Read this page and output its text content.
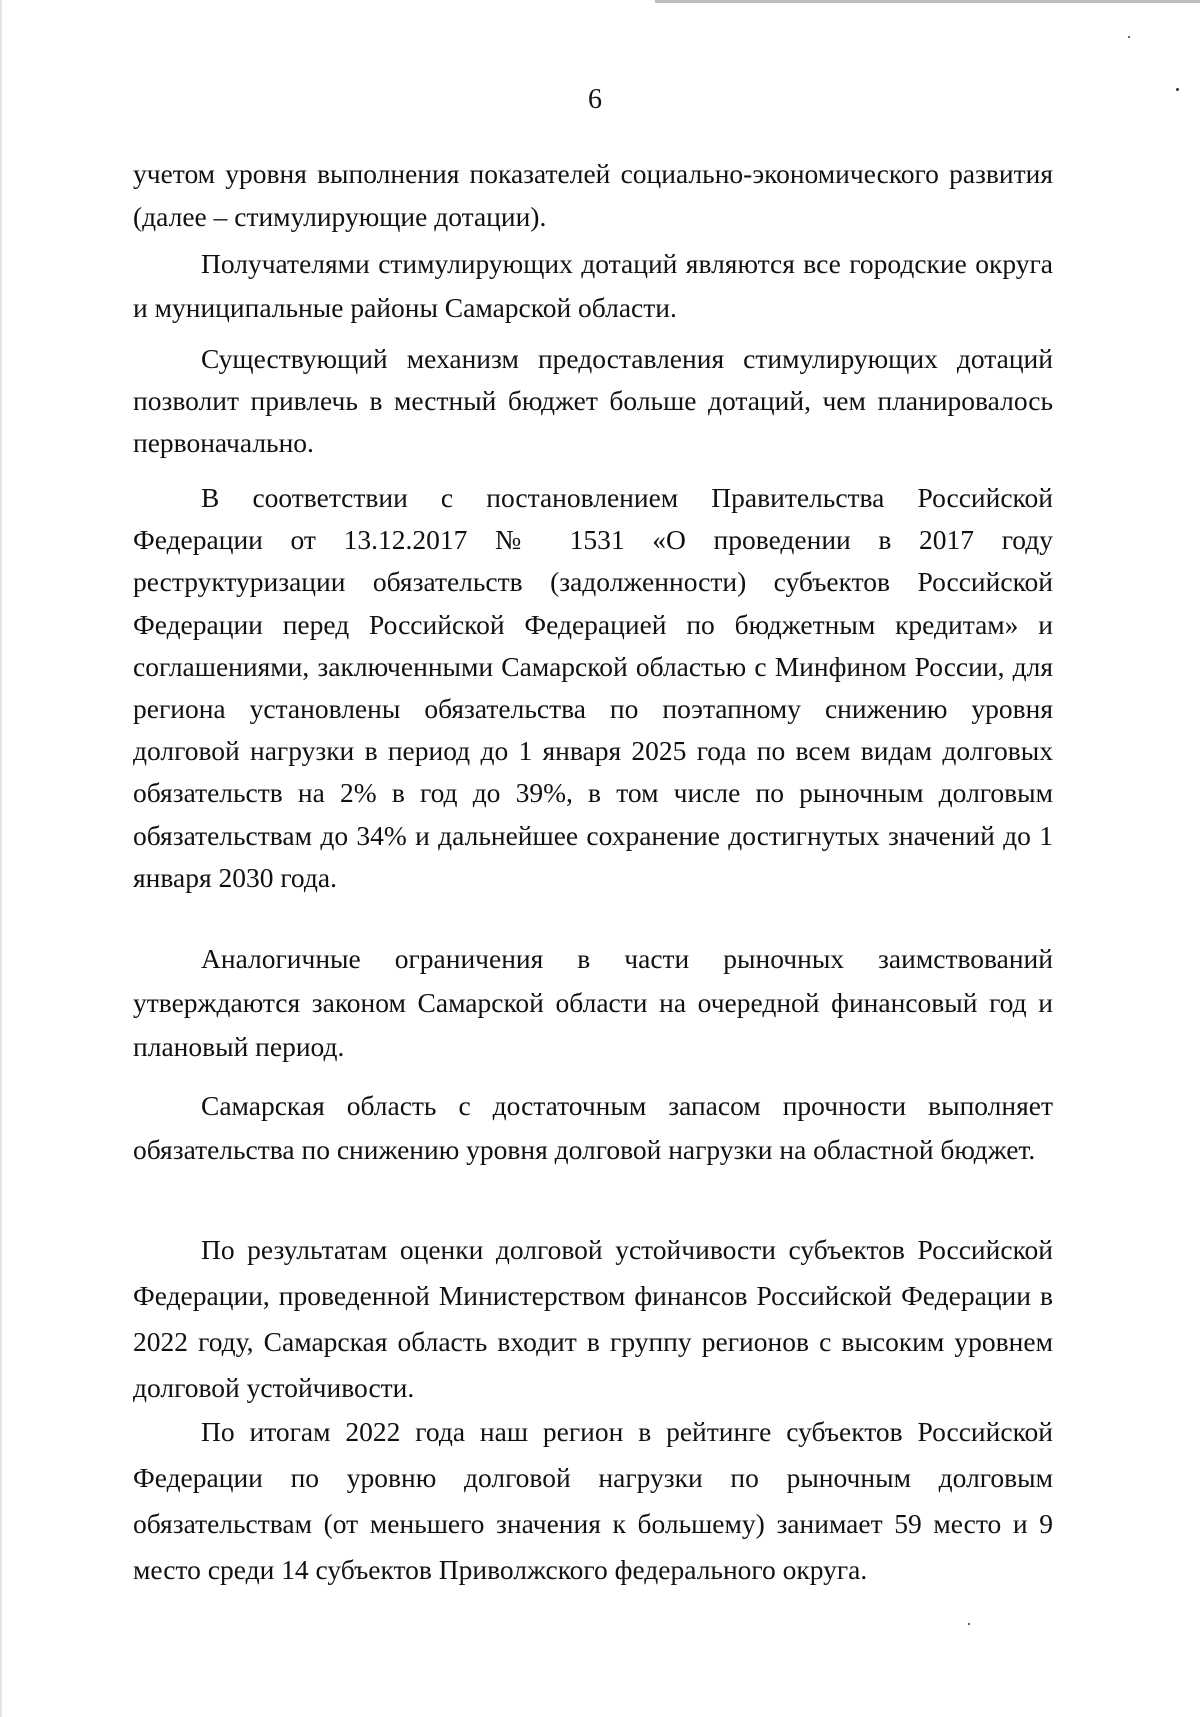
6
учетом уровня выполнения показателей социально-экономического развития (далее – стимулирующие дотации).
Получателями стимулирующих дотаций являются все городские округа и муниципальные районы Самарской области.
Существующий механизм предоставления стимулирующих дотаций позволит привлечь в местный бюджет больше дотаций, чем планировалось первоначально.
В соответствии с постановлением Правительства Российской Федерации от 13.12.2017 № 1531 «О проведении в 2017 году реструктуризации обязательств (задолженности) субъектов Российской Федерации перед Российской Федерацией по бюджетным кредитам» и соглашениями, заключенными Самарской областью с Минфином России, для региона установлены обязательства по поэтапному снижению уровня долговой нагрузки в период до 1 января 2025 года по всем видам долговых обязательств на 2% в год до 39%, в том числе по рыночным долговым обязательствам до 34% и дальнейшее сохранение достигнутых значений до 1 января 2030 года.
Аналогичные ограничения в части рыночных заимствований утверждаются законом Самарской области на очередной финансовый год и плановый период.
Самарская область с достаточным запасом прочности выполняет обязательства по снижению уровня долговой нагрузки на областной бюджет.
По результатам оценки долговой устойчивости субъектов Российской Федерации, проведенной Министерством финансов Российской Федерации в 2022 году, Самарская область входит в группу регионов с высоким уровнем долговой устойчивости.
По итогам 2022 года наш регион в рейтинге субъектов Российской Федерации по уровню долговой нагрузки по рыночным долговым обязательствам (от меньшего значения к большему) занимает 59 место и 9 место среди 14 субъектов Приволжского федерального округа.
